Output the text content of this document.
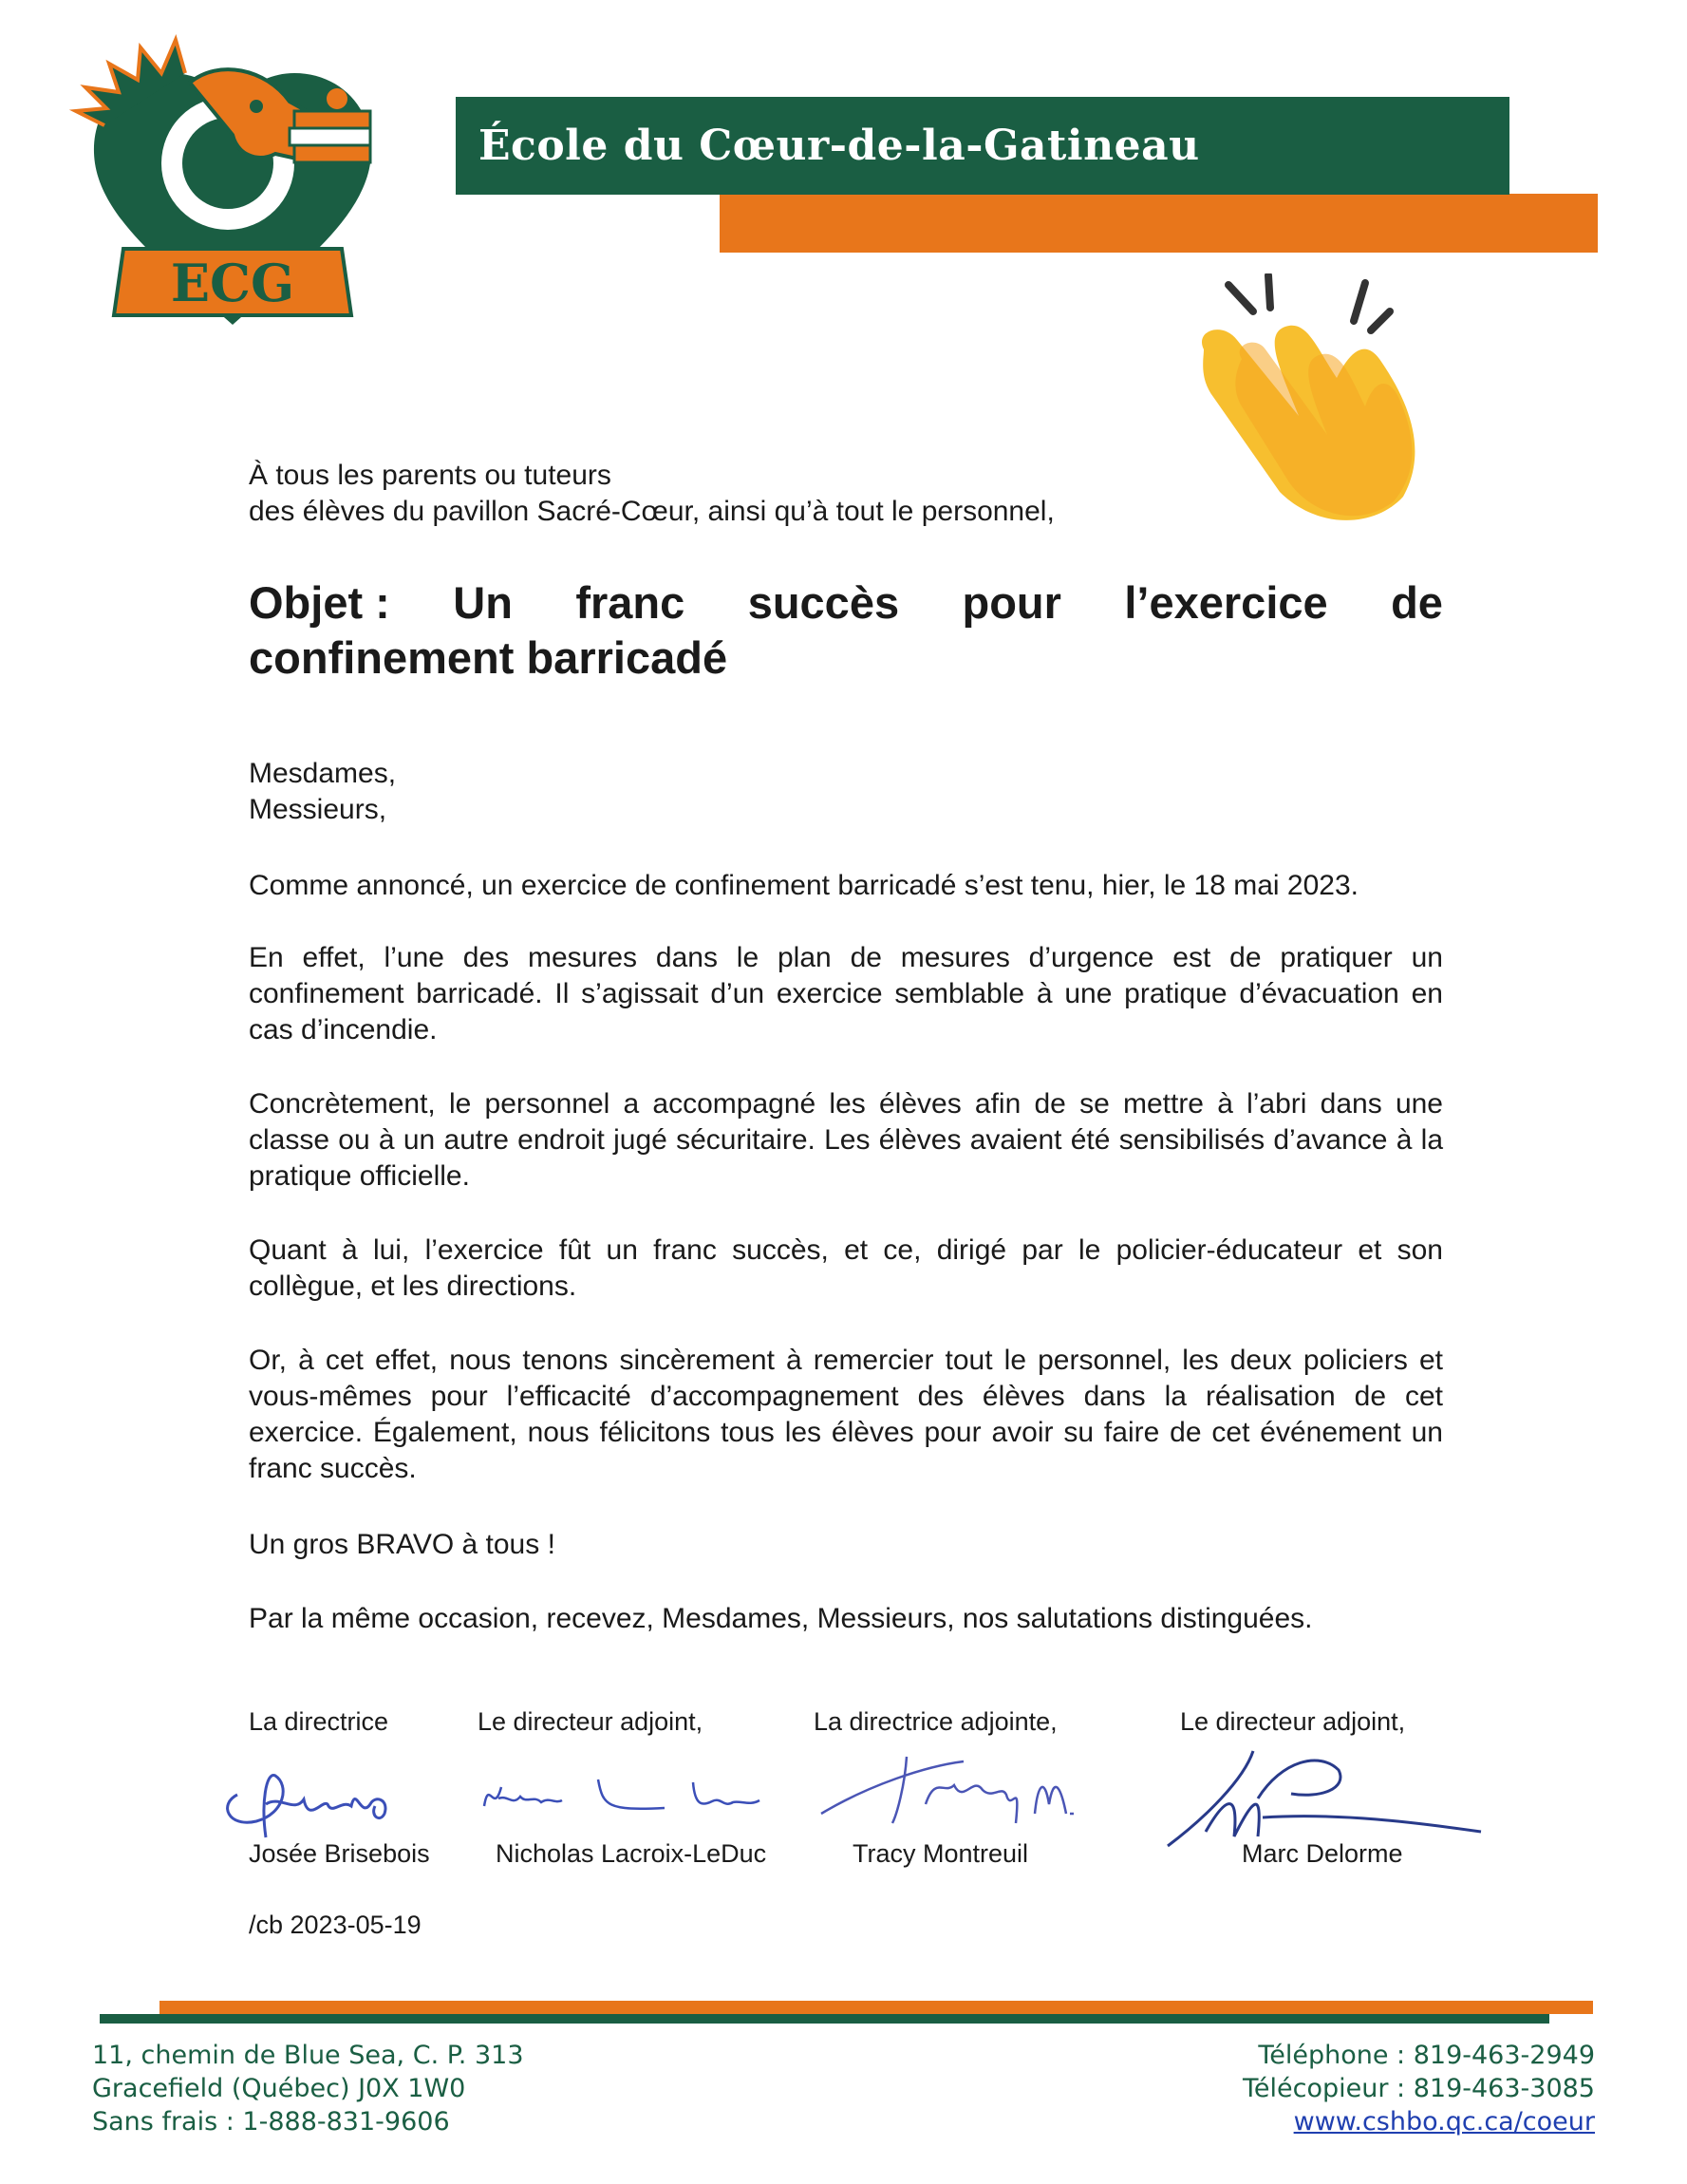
ECG
École du Cœur-de-la-Gatineau

À tous les parents ou tuteurs

des élèves du pavillon Sacré-Cœur, ainsi qu’à tout le personnel,

Objet : Un franc succès pour l’exercice de
confinement barricadé

Mesdames,

Messieurs,

Comme annoncé, un exercice de confinement barricadé s’est tenu, hier, le 18 mai 2023.

En effet, l’une des mesures dans le plan de mesures d’urgence est de pratiquer un confinement barricadé. Il s’agissait d’un exercice semblable à une pratique d’évacuation en cas d’incendie.

Concrètement, le personnel a accompagné les élèves afin de se mettre à l’abri dans une classe ou à un autre endroit jugé sécuritaire. Les élèves avaient été sensibilisés d’avance à la pratique officielle.

Quant à lui, l’exercice fût un franc succès, et ce, dirigé par le policier-éducateur et son collègue, et les directions.

Or, à cet effet, nous tenons sincèrement à remercier tout le personnel, les deux policiers et vous-mêmes pour l’efficacité d’accompagnement des élèves dans la réalisation de cet exercice. Également, nous félicitons tous les élèves pour avoir su faire de cet événement un franc succès.

Un gros BRAVO à tous !

Par la même occasion, recevez, Mesdames, Messieurs, nos salutations distinguées.

La directrice	Le directeur adjoint,	La directrice adjointe,	Le directeur adjoint,
Josée Brisebois	Nicholas Lacroix-LeDuc	Tracy Montreuil	Marc Delorme
/cb 2023-05-19
11, chemin de Blue Sea, C. P. 313
Gracefield (Québec) J0X 1W0
Sans frais : 1-888-831-9606
Téléphone : 819-463-2949
Télécopieur : 819-463-3085
www.cshbo.qc.ca/coeur
